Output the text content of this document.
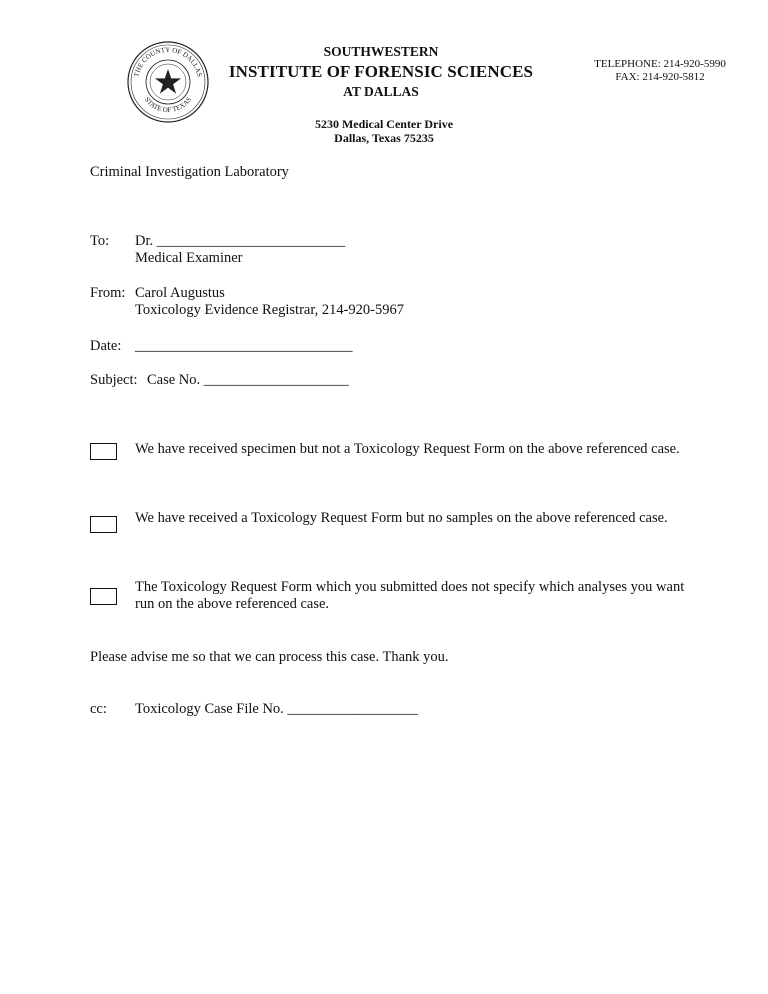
THE COUNTY OF DALLAS
STATE OF TEXAS
SOUTHWESTERN
INSTITUTE OF FORENSIC SCIENCES
AT DALLAS
TELEPHONE: 214-920-5990
FAX: 214-920-5812
5230 Medical Center Drive
Dallas, Texas 75235
Criminal Investigation Laboratory
To: Dr. __________________________
Medical Examiner
From: Carol Augustus
Toxicology Evidence Registrar, 214-920-5967
Date: ______________________________
Subject: Case No. ____________________
We have received specimen but not a Toxicology Request Form on the above referenced case.
We have received a Toxicology Request Form but no samples on the above referenced case.
The Toxicology Request Form which you submitted does not specify which analyses you want run on the above referenced case.
Please advise me so that we can process this case. Thank you.
cc: Toxicology Case File No. __________________
